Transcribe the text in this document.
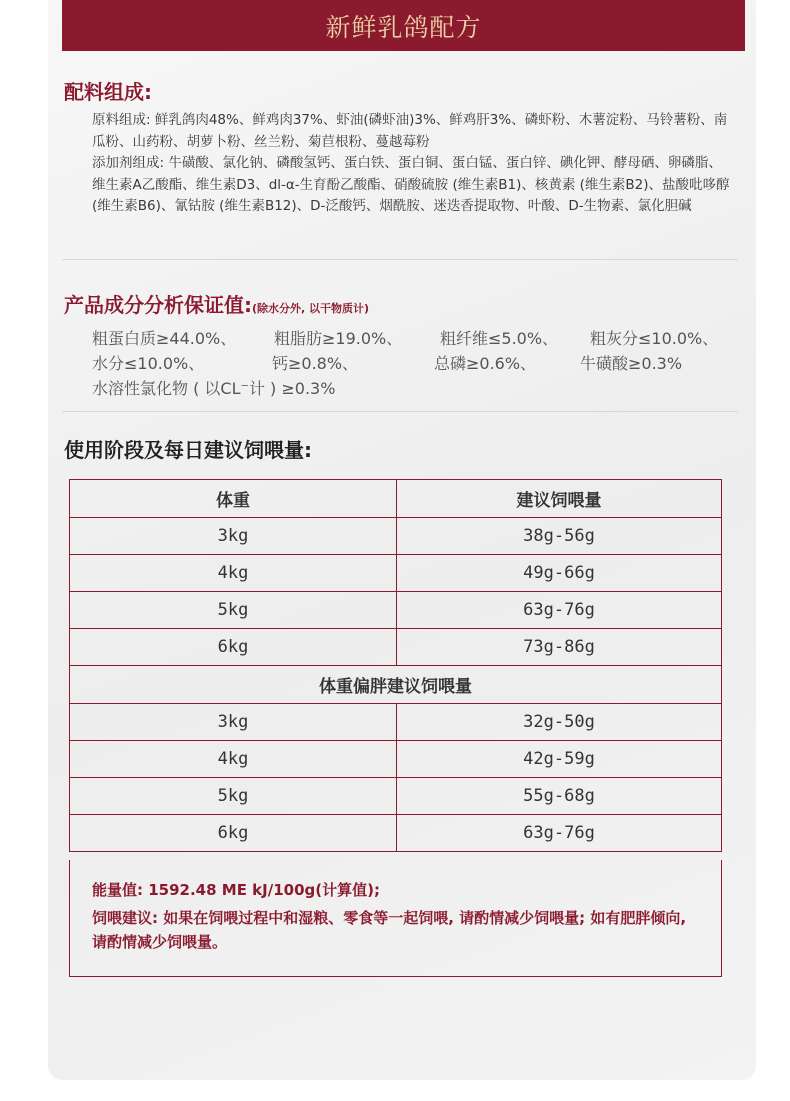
新鲜乳鸽配方
配料组成:

原料组成: 鲜乳鸽肉48%、鲜鸡肉37%、虾油(磷虾油)3%、鲜鸡肝3%、磷虾粉、木薯淀粉、马铃薯粉、南瓜粉、山药粉、胡萝卜粉、丝兰粉、菊苣根粉、蔓越莓粉

添加剂组成: 牛磺酸、氯化钠、磷酸氢钙、蛋白铁、蛋白铜、蛋白锰、蛋白锌、碘化钾、酵母硒、卵磷脂、维生素A乙酸酯、维生素D3、dl-α-生育酚乙酸酯、硝酸硫胺 (维生素B1)、核黄素 (维生素B2)、盐酸吡哆醇 (维生素B6)、氰钴胺 (维生素B12)、D-泛酸钙、烟酰胺、迷迭香提取物、叶酸、D-生物素、氯化胆碱

产品成分分析保证值:(除水分外, 以干物质计)

粗蛋白质≥44.0%、 粗脂肪≥19.0%、 粗纤维≤5.0%、 粗灰分≤10.0%、

水分≤10.0%、	钙≥0.8%、	总磷≥0.6%、	牛磺酸≥0.3%

水溶性氯化物 ( 以CL⁻计 ) ≥0.3%

使用阶段及每日建议饲喂量:
体重	建议饲喂量
3kg	38g-56g
4kg	49g-66g
5kg	63g-76g
6kg	73g-86g
体重偏胖建议饲喂量	
3kg	32g-50g
4kg	42g-59g
5kg	55g-68g
6kg	63g-76g

能量值: 1592.48 ME kJ/100g(计算值);

饲喂建议: 如果在饲喂过程中和湿粮、零食等一起饲喂, 请酌情减少饲喂量; 如有肥胖倾向, 请酌情减少饲喂量。
